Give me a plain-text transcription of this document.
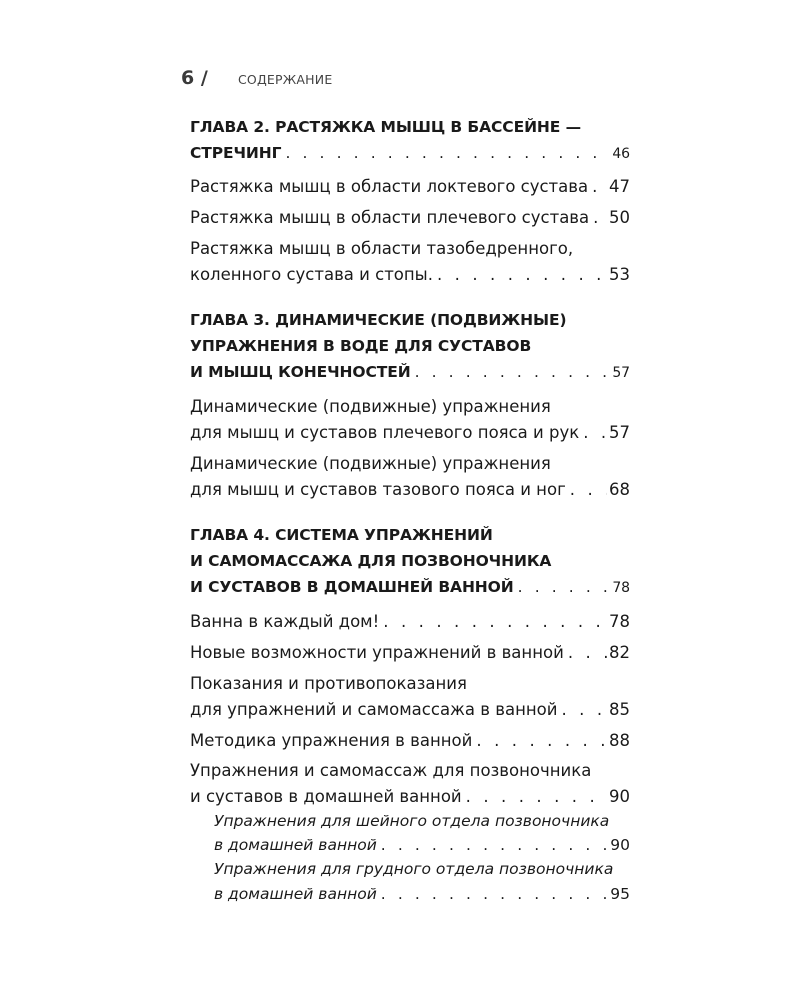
6 / СОДЕРЖАНИЕ
ГЛАВА 2. РАСТЯЖКА МЫШЦ В БАССЕЙНЕ —
СТРЕЧИНГ . . .	46
Растяжка мышц в области локтевого сустава . . . 47
Растяжка мышц в области плечевого сустава . . . 50
Растяжка мышц в области тазобедренного,
коленного сустава и стопы. . . .	53
ГЛАВА 3. ДИНАМИЧЕСКИЕ (ПОДВИЖНЫЕ)
УПРАЖНЕНИЯ В ВОДЕ ДЛЯ СУСТАВОВ
И МЫШЦ КОНЕЧНОСТЕЙ . . .	57
Динамические (подвижные) упражнения
для мышц и суставов плечевого пояса и рук . . . 57
Динамические (подвижные) упражнения
для мышц и суставов тазового пояса и ног . . .	68
ГЛАВА 4. СИСТЕМА УПРАЖНЕНИЙ
И САМОМАССАЖА ДЛЯ ПОЗВОНОЧНИКА
И СУСТАВОВ В ДОМАШНЕЙ ВАННОЙ . . .	78
Ванна в каждый дом! . . .	78
Новые возможности упражнений в ванной . . .	82
Показания и противопоказания
для упражнений и самомассажа в ванной . . .	85
Методика упражнения в ванной . . .	88
Упражнения и самомассаж для позвоночника
и суставов в домашней ванной . . .	90
Упражнения для шейного отдела позвоночника
в домашней ванной . . .	90
Упражнения для грудного отдела позвоночника
в домашней ванной . . .	95
